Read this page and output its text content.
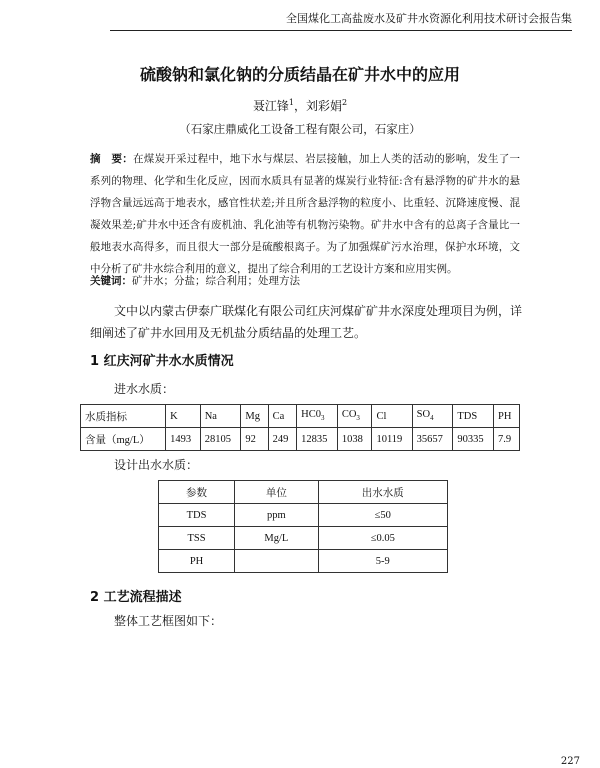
全国煤化工高盐废水及矿井水资源化利用技术研讨会报告集
硫酸钠和氯化钠的分质结晶在矿井水中的应用
聂江锋$^1$，刘彩娟$^2$
（石家庄鼎威化工设备工程有限公司，石家庄）
摘　要：在煤炭开采过程中，地下水与煤层、岩层接触，加上人类的活动的影响，发生了一系列的物理、化学和生化反应，因而水质具有显著的煤炭行业特征:含有悬浮物的矿井水的悬浮物含量远远高于地表水，感官性状差;并且所含悬浮物的粒度小、比重轻、沉降速度慢、混凝效果差;矿井水中还含有废机油、乳化油等有机物污染物。矿井水中含有的总离子含量比一般地表水高得多，而且很大一部分是硫酸根离子。为了加强煤矿污水治理，保护水环境，文中分析了矿井水综合利用的意义，提出了综合利用的工艺设计方案和应用实例。
关键词：矿井水；分盐；综合利用；处理方法
文中以内蒙古伊泰广联煤化有限公司红庆河煤矿矿井水深度处理项目为例，详细阐述了矿井水回用及无机盐分质结晶的处理工艺。
1 红庆河矿井水水质情况
进水水质：
水质指标	K	Na	Mg	Ca	$HC0_3$	$CO_3$	Cl	$SO_4$	TDS	PH
含量（mg/L）	1493	28105	92	249	12835	1038	10119	35657	90335	7.9
设计出水水质：
参数	单位	出水水质
TDS	ppm	≤50
TSS	Mg/L	≤0.05
PH		5-9
2 工艺流程描述
整体工艺框图如下：
227
